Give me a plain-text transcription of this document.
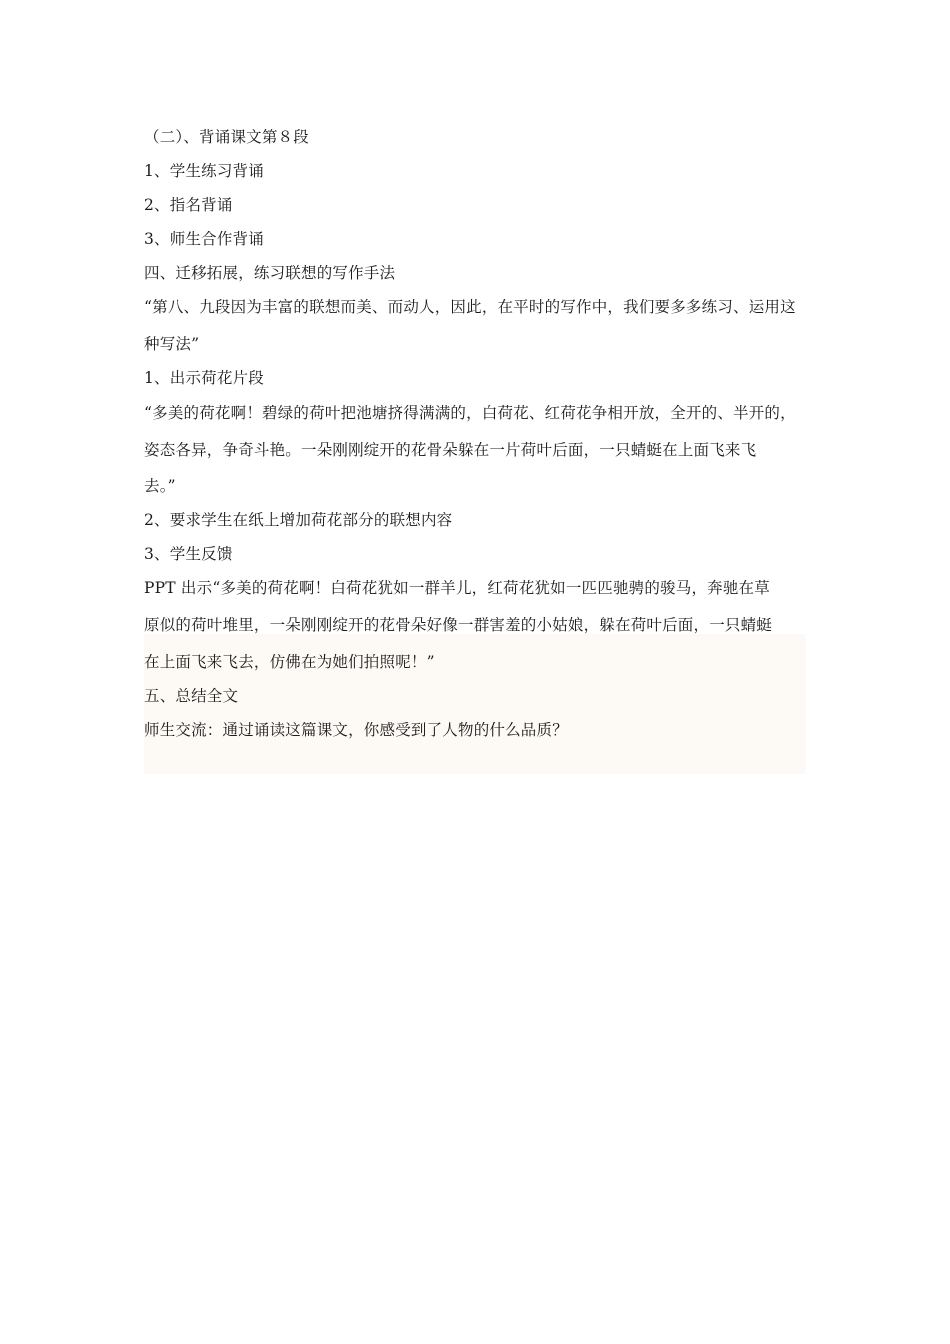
（二）、背诵课文第８段
1、学生练习背诵
2、指名背诵
3、师生合作背诵
四、迁移拓展，练习联想的写作手法
“第八、九段因为丰富的联想而美、而动人，因此，在平时的写作中，我们要多多练习、运用这
种写法”
1、出示荷花片段
“多美的荷花啊！碧绿的荷叶把池塘挤得满满的，白荷花、红荷花争相开放，全开的、半开的，
姿态各异，争奇斗艳。一朵刚刚绽开的花骨朵躲在一片荷叶后面，一只蜻蜓在上面飞来飞
去。”
2、要求学生在纸上增加荷花部分的联想内容
3、学生反馈
PPT 出示“多美的荷花啊！白荷花犹如一群羊儿，红荷花犹如一匹匹驰骋的骏马，奔驰在草
原似的荷叶堆里，一朵刚刚绽开的花骨朵好像一群害羞的小姑娘，躲在荷叶后面，一只蜻蜓
在上面飞来飞去，仿佛在为她们拍照呢！”
五、总结全文
师生交流：通过诵读这篇课文，你感受到了人物的什么品质？
